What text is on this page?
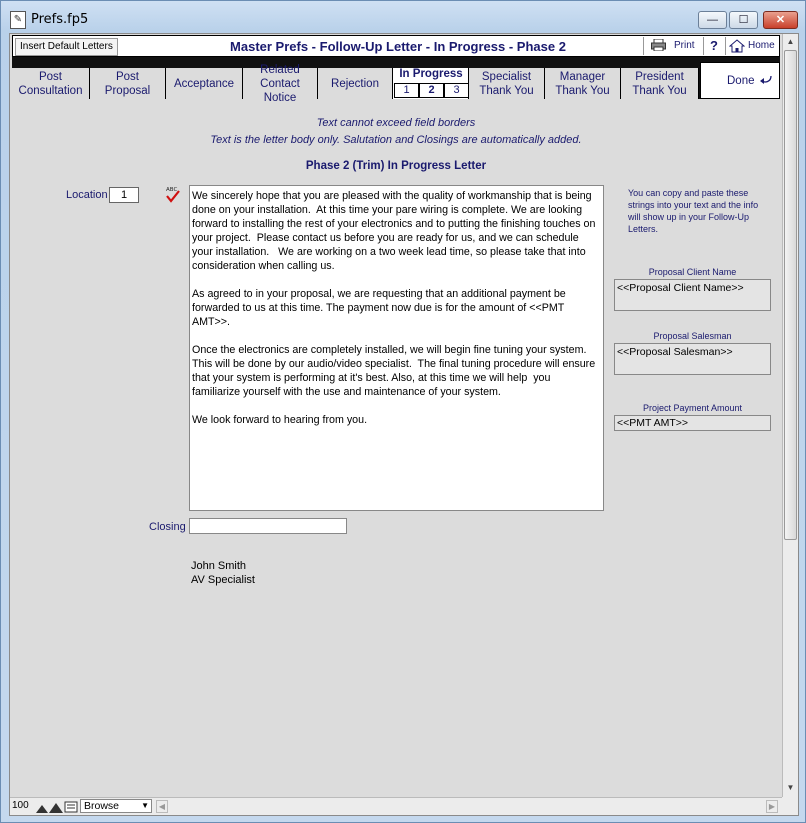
✎ Prefs.fp5	—	☐	✕
Insert Default Letters	Master Prefs - Follow-Up Letter - In Progress - Phase 2	Print	?	Home
Post
Consultation
Post
Proposal
Acceptance
Related
Contact Notice
Rejection
In Progress
1	2	3
Specialist
Thank You
Manager
Thank You
President
Thank You
Done
Text cannot exceed field borders
Text is the letter body only. Salutation and Closings are automatically added.
Phase 2 (Trim) In Progress Letter
Location	1	ABC We sincerely hope that you are pleased with the quality of workmanship that is being done on your installation.  At this time your pare wiring is complete. We are looking forward to installing the rest of your electronics and to putting the finishing touches on your project.  Please contact us before you are ready for us, and we can schedule your installation.   We are working on a two week lead time, so please take that into consideration when calling us.

As agreed to in your proposal, we are requesting that an additional payment be forwarded to us at this time. The payment now due is for the amount of <<PMT AMT>>.

Once the electronics are completely installed, we will begin fine tuning your system. This will be done by our audio/video specialist.  The final tuning procedure will ensure that your system is performing at it's best. Also, at this time we will help  you familiarize yourself with the use and maintenance of your system.

We look forward to hearing from you.
Closing
John Smith
AV Specialist
You can copy and paste these strings into your text and the info will show up in your Follow-Up Letters.
Proposal Client Name
<<Proposal Client Name>>
Proposal Salesman
<<Proposal Salesman>>
Project Payment Amount
<<PMT AMT>>
▲
▼
100	Browse	▼	◀	▶
